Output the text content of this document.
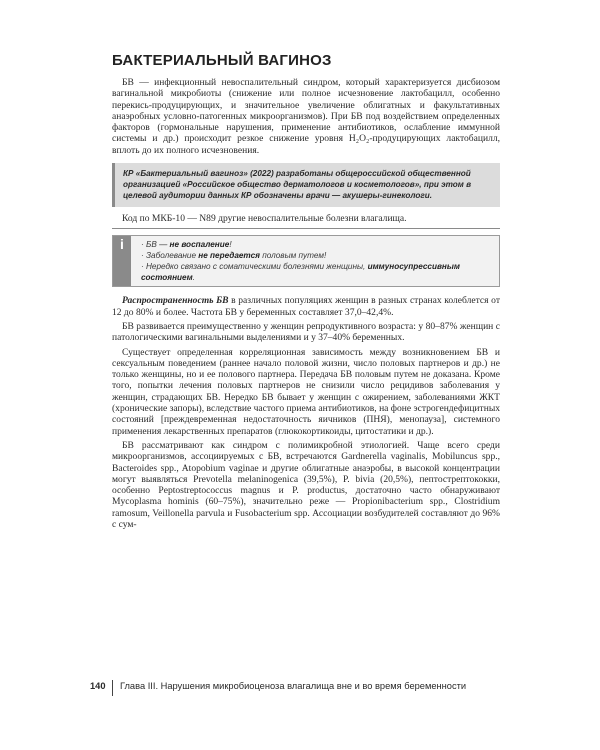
БАКТЕРИАЛЬНЫЙ ВАГИНОЗ

БВ — инфекционный невоспалительный синдром, который характеризуется дисбиозом вагинальной микробиоты (снижение или полное исчезновение лактобацилл, особенно перекись-продуцирующих, и значительное увеличение облигатных и факультативных анаэробных условно-патогенных микроорганизмов). При БВ под воздействием определенных факторов (гормональные нарушения, применение антибиотиков, ослабление иммунной системы и др.) происходит резкое снижение уровня H₂O₂-продуцирующих лактобацилл, вплоть до их полного исчезновения.

КР «Бактериальный вагиноз» (2022) разработаны общероссийской общественной организацией «Российское общество дерматологов и косметологов», при этом в целевой аудитории данных КР обозначены врачи — акушеры-гинекологи.

Код по МКБ-10 — N89 другие невоспалительные болезни влагалища.

i	· БВ — не воспаление!
· Заболевание не передается половым путем!
· Нередко связано с соматическими болезнями женщины, иммуносупрессивным состоянием.

Распространенность БВ в различных популяциях женщин в разных странах колеблется от 12 до 80% и более. Частота БВ у беременных составляет 37,0–42,4%.

БВ развивается преимущественно у женщин репродуктивного возраста: у 80–87% женщин с патологическими вагинальными выделениями и у 37–40% беременных.

Существует определенная корреляционная зависимость между возникновением БВ и сексуальным поведением (раннее начало половой жизни, число половых партнеров и др.) не только женщины, но и ее полового партнера. Передача БВ половым путем не доказана. Кроме того, попытки лечения половых партнеров не снизили число рецидивов заболевания у женщин, страдающих БВ. Нередко БВ бывает у женщин с ожирением, заболеваниями ЖКТ (хронические запоры), вследствие частого приема антибиотиков, на фоне эстрогендефицитных состояний [преждевременная недостаточность яичников (ПНЯ), менопауза], системного применения лекарственных препаратов (глюкокортикоиды, цитостатики и др.).

БВ рассматривают как синдром с полимикробной этиологией. Чаще всего среди микроорганизмов, ассоциируемых с БВ, встречаются Gardnerella vaginalis, Mobiluncus spp., Bacteroides spp., Atopobium vaginae и другие облигатные анаэробы, в высокой концентрации могут выявляться Prevotella melaninogenica (39,5%), P. bivia (20,5%), пептострептококки, особенно Peptostreptococcus magnus и P. productus, достаточно часто обнаруживают Mycoplasma hominis (60–75%), значительно реже — Propionibacterium spp., Clostridium ramosum, Veillonella parvula и Fusobacterium spp. Ассоциации возбудителей составляют до 96% с сум-

140 Глава III. Нарушения микробиоценоза влагалища вне и во время беременности
